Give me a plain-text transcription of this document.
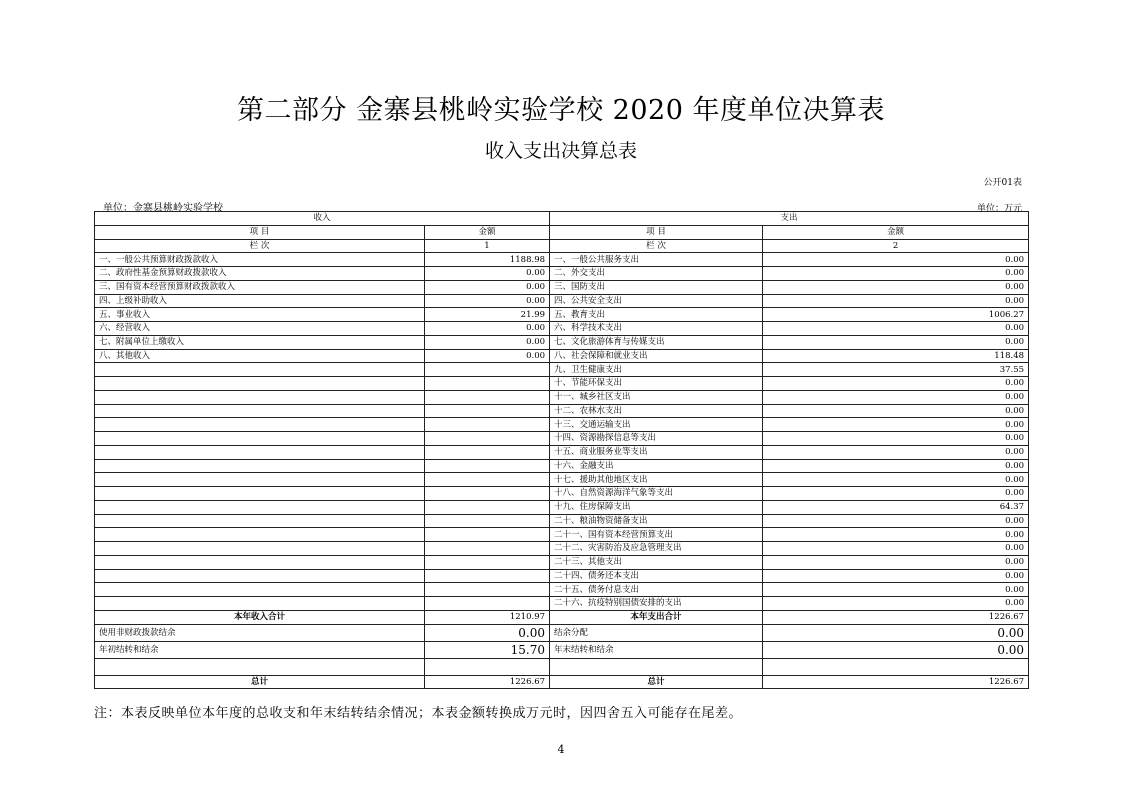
第二部分 金寨县桃岭实验学校 2020 年度单位决算表
收入支出决算总表
公开01表
单位：金寨县桃岭实验学校	单位：万元
收入		支出	
项 目	金额	项 目	金额
栏 次	1	栏 次	2
一、一般公共预算财政拨款收入	1188.98	一、一般公共服务支出	0.00
二、政府性基金预算财政拨款收入	0.00	二、外交支出	0.00
三、国有资本经营预算财政拨款收入	0.00	三、国防支出	0.00
四、上级补助收入	0.00	四、公共安全支出	0.00
五、事业收入	21.99	五、教育支出	1006.27
六、经营收入	0.00	六、科学技术支出	0.00
七、附属单位上缴收入	0.00	七、文化旅游体育与传媒支出	0.00
八、其他收入	0.00	八、社会保障和就业支出	118.48
		九、卫生健康支出	37.55
		十、节能环保支出	0.00
		十一、城乡社区支出	0.00
		十二、农林水支出	0.00
		十三、交通运输支出	0.00
		十四、资源勘探信息等支出	0.00
		十五、商业服务业等支出	0.00
		十六、金融支出	0.00
		十七、援助其他地区支出	0.00
		十八、自然资源海洋气象等支出	0.00
		十九、住房保障支出	64.37
		二十、粮油物资储备支出	0.00
		二十一、国有资本经营预算支出	0.00
		二十二、灾害防治及应急管理支出	0.00
		二十三、其他支出	0.00
		二十四、债务还本支出	0.00
		二十五、债务付息支出	0.00
		二十六、抗疫特别国债安排的支出	0.00
本年收入合计	1210.97	本年支出合计	1226.67
使用非财政拨款结余	0.00	结余分配	0.00
年初结转和结余	15.70	年末结转和结余	0.00

总计	1226.67	总计	1226.67
注：本表反映单位本年度的总收支和年末结转结余情况；本表金额转换成万元时，因四舍五入可能存在尾差。
4
